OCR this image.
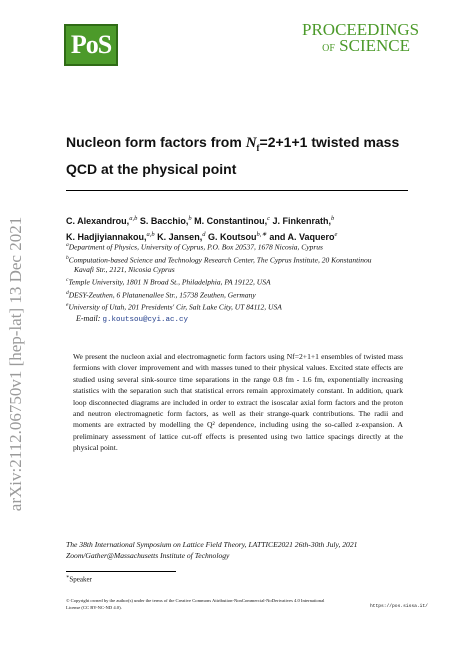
PoS
PROCEEDINGS
OF SCIENCE
arXiv:2112.06750v1 [hep-lat] 13 Dec 2021
Nucleon form factors from $N_f=2+1+1$ twisted mass QCD at the physical point
C. Alexandrou,$^{a,b}$ S. Bacchio,$^b$ M. Constantinou,$^c$ J. Finkenrath,$^b$
K. Hadjiyiannakou,$^{a,b}$ K. Jansen,$^d$ G. Koutsou$^{b,∗}$ and A. Vaquero$^e$
$^a$Department of Physics, University of Cyprus, P.O. Box 20537, 1678 Nicosia, Cyprus
$^b$Computation-based Science and Technology Research Center, The Cyprus Institute, 20 Konstantinou
Kavafi Str., 2121, Nicosia Cyprus
$^c$Temple University, 1801 N Broad St., Philadelphia, PA 19122, USA
$^d$DESY-Zeuthen, 6 Platanenallee Str., 15738 Zeuthen, Germany
$^e$University of Utah, 201 Presidents' Cir, Salt Lake City, UT 84112, USA
E-mail: g.koutsou@cyi.ac.cy
We present the nucleon axial and electromagnetic form factors using Nf=2+1+1 ensembles of twisted mass fermions with clover improvement and with masses tuned to their physical values. Excited state effects are studied using several sink-source time separations in the range 0.8 fm - 1.6 fm, exponentially increasing statistics with the separation such that statistical errors remain approximately constant. In addition, quark loop disconnected diagrams are included in order to extract the isoscalar axial form factors and the proton and neutron electromagnetic form factors, as well as their strange-quark contributions. The radii and moments are extracted by modelling the Q² dependence, including using the so-called z-expansion. A preliminary assessment of lattice cut-off effects is presented using two lattice spacings directly at the physical point.
The 38th International Symposium on Lattice Field Theory, LATTICE2021 26th-30th July, 2021 Zoom/Gather@Massachusetts Institute of Technology
∗Speaker
© Copyright owned by the author(s) under the terms of the Creative Commons Attribution-NonCommercial-NoDerivatives 4.0 International License (CC BY-NC-ND 4.0).	https://pos.sissa.it/
